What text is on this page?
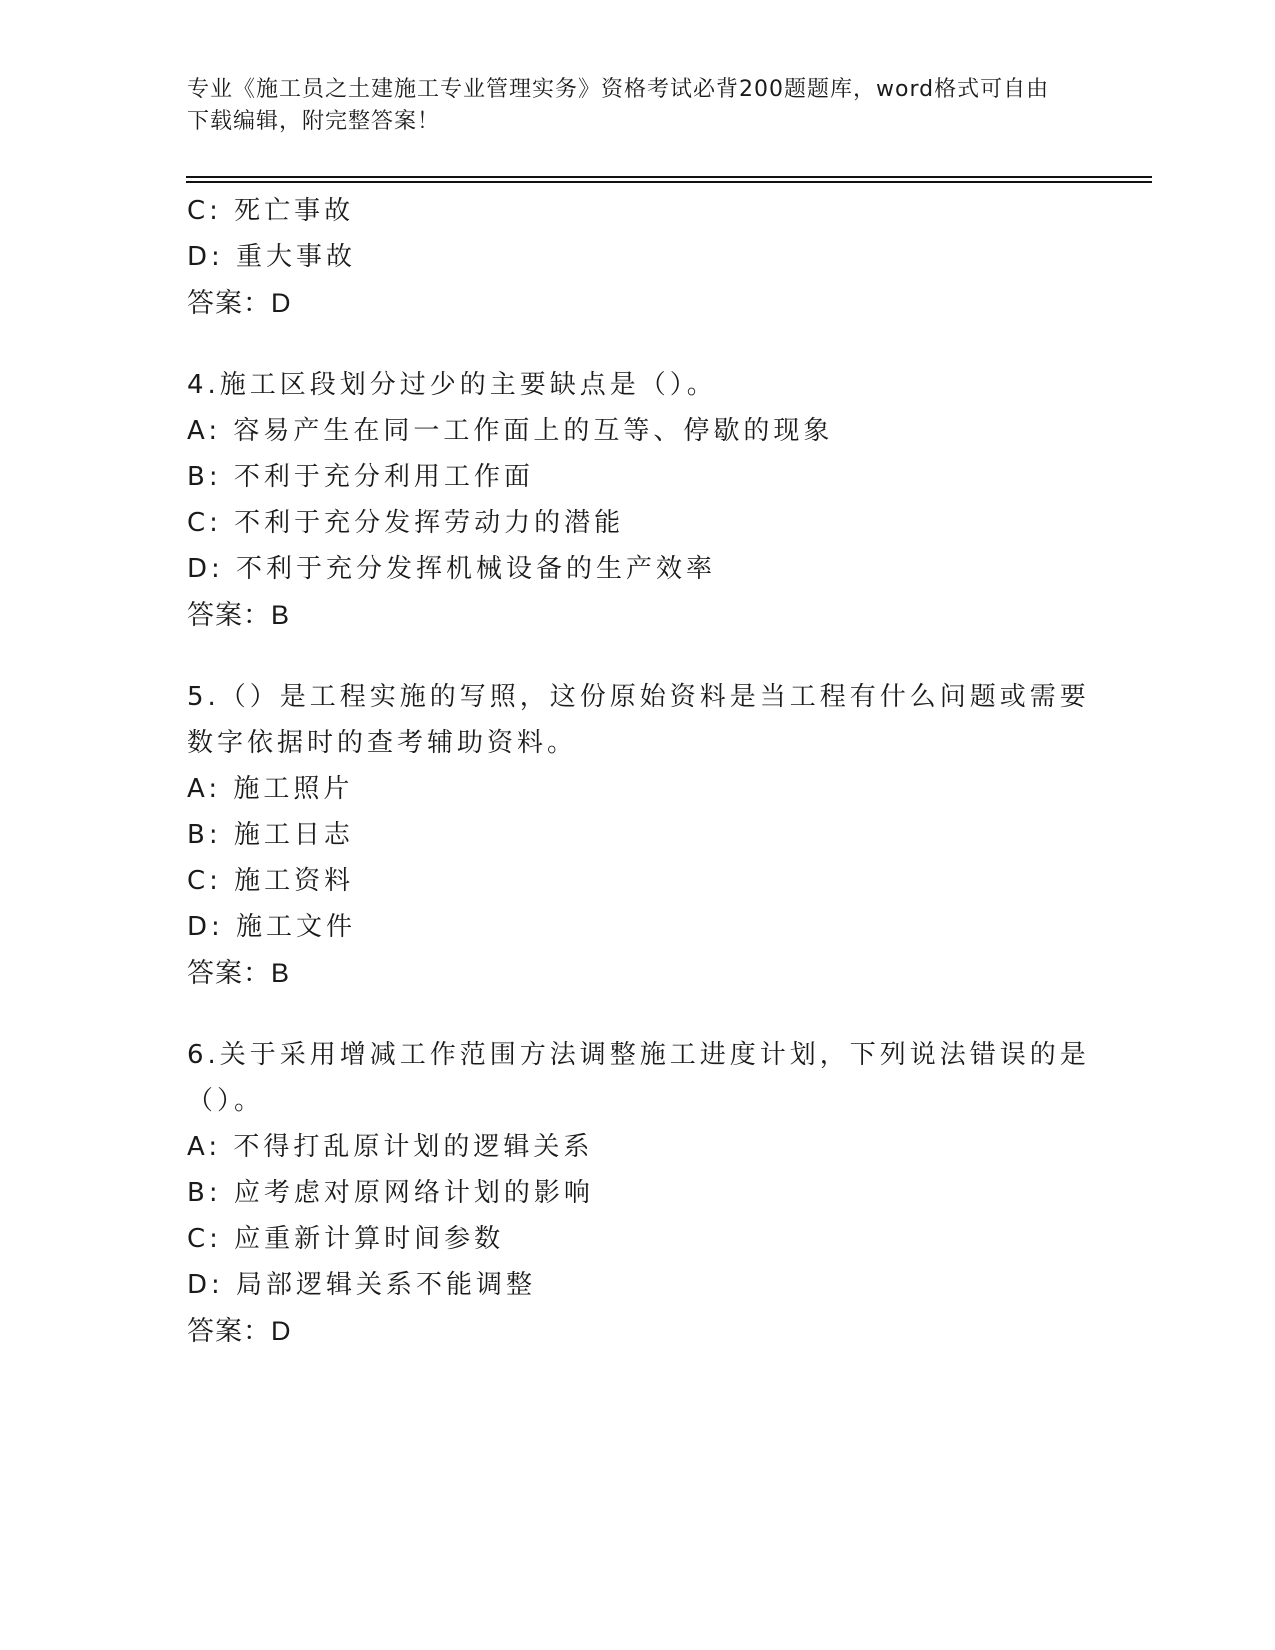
专业《施工员之土建施工专业管理实务》资格考试必背200题题库，word格式可自由下载编辑，附完整答案！
C: 死亡事故
D: 重大事故
答案：D
4.施工区段划分过少的主要缺点是（）。
A: 容易产生在同一工作面上的互等、停歇的现象
B: 不利于充分利用工作面
C: 不利于充分发挥劳动力的潜能
D: 不利于充分发挥机械设备的生产效率
答案：B
5.（）是工程实施的写照，这份原始资料是当工程有什么问题或需要
数字依据时的查考辅助资料。
A: 施工照片
B: 施工日志
C: 施工资料
D: 施工文件
答案：B
6.关于采用增减工作范围方法调整施工进度计划，下列说法错误的是
（）。
A: 不得打乱原计划的逻辑关系
B: 应考虑对原网络计划的影响
C: 应重新计算时间参数
D: 局部逻辑关系不能调整
答案：D
